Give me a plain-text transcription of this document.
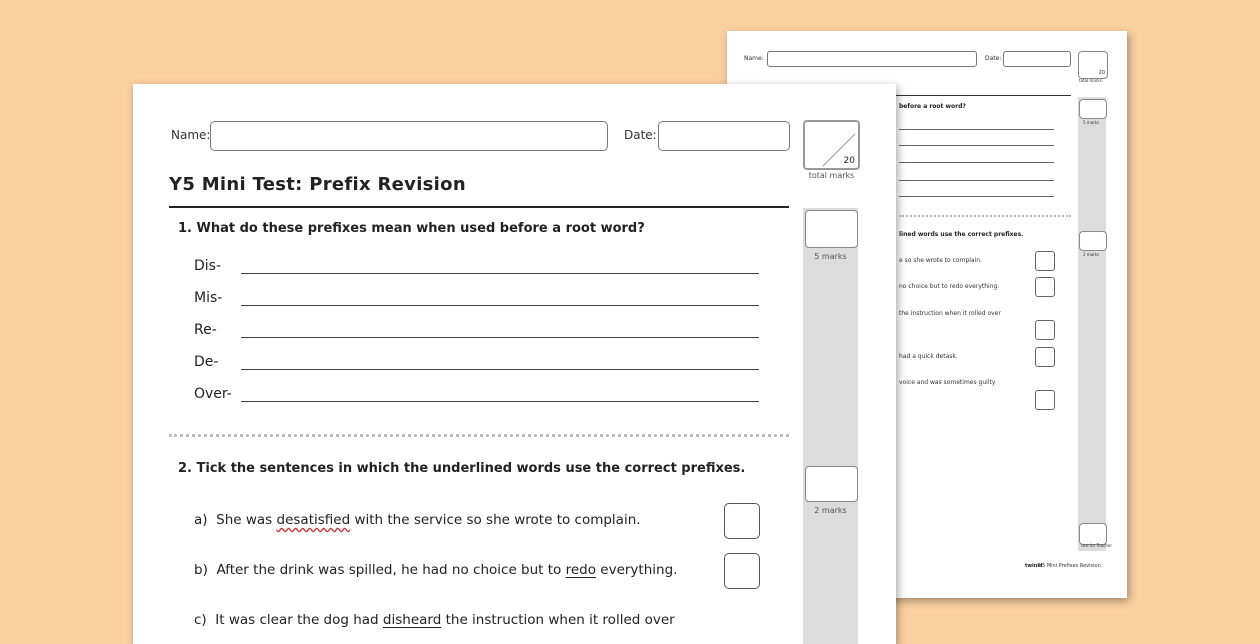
Name:	Date:
20
total marks
5 marks
before a root word?
2 marks
lined words use the correct prefixes.
e so she wrote to complain.
no choice but to redo everything.
the instruction when it rolled over
had a quick detask.
voice and was sometimes guilty
Use for Teacher
twinkl
Y5 Mini Prefixes Revision
Name:	Date:
20
total marks
Y5 Mini Test: Prefix Revision
5 marks
2 marks
1. What do these prefixes mean when used before a root word?
Dis-
Mis-
Re-
De-
Over-
2. Tick the sentences in which the underlined words use the correct prefixes.
a) She was desatisfied with the service so she wrote to complain.
b) After the drink was spilled, he had no choice but to redo everything.
c) It was clear the dog had disheard the instruction when it rolled over
